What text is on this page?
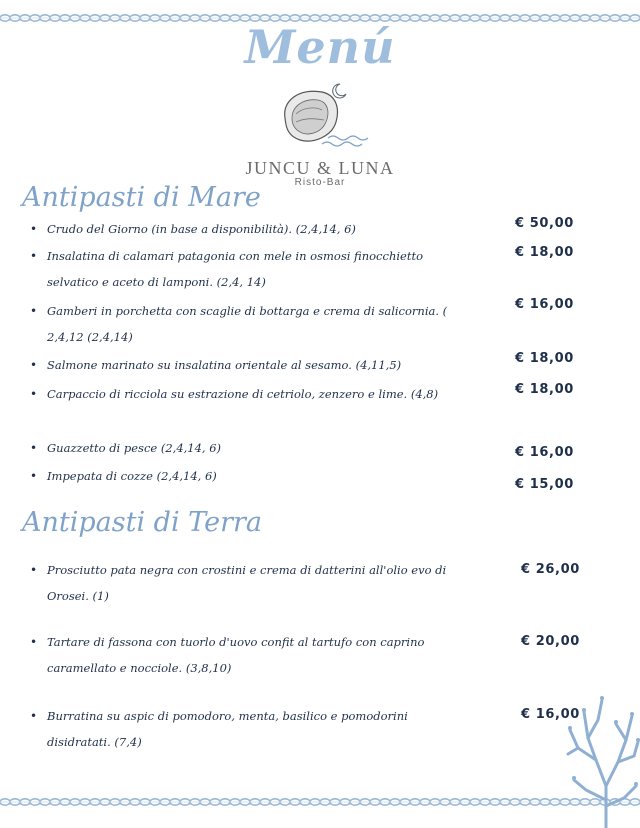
Menú
JUNCU & LUNA
Risto-Bar
Antipasti di Mare
• Crudo del Giorno (in base a disponibilità). (2,4,14, 6)	€ 50,00
• Insalatina di calamari patagonia con mele in osmosi finocchietto selvatico e aceto di lamponi. (2,4, 14)
€ 18,00
• Gamberi in porchetta con scaglie di bottarga e crema di salicornia. ( 2,4,12 (2,4,14)
€ 16,00
• Salmone marinato su insalatina orientale al sesamo. (4,11,5)	€ 18,00
• Carpaccio di ricciola su estrazione di cetriolo, zenzero e lime. (4,8)	€ 18,00
• Guazzetto di pesce (2,4,14, 6)	€ 16,00
• Impepata di cozze (2,4,14, 6)
€ 15,00
Antipasti di Terra
• Prosciutto pata negra con crostini e crema di datterini all'olio evo di Orosei. (1)
€ 26,00
• Tartare di fassona con tuorlo d'uovo confit al tartufo con caprino caramellato e nocciole. (3,8,10)
€ 20,00
• Burratina su aspic di pomodoro, menta, basilico e pomodorini disidratati. (7,4)
€ 16,00
